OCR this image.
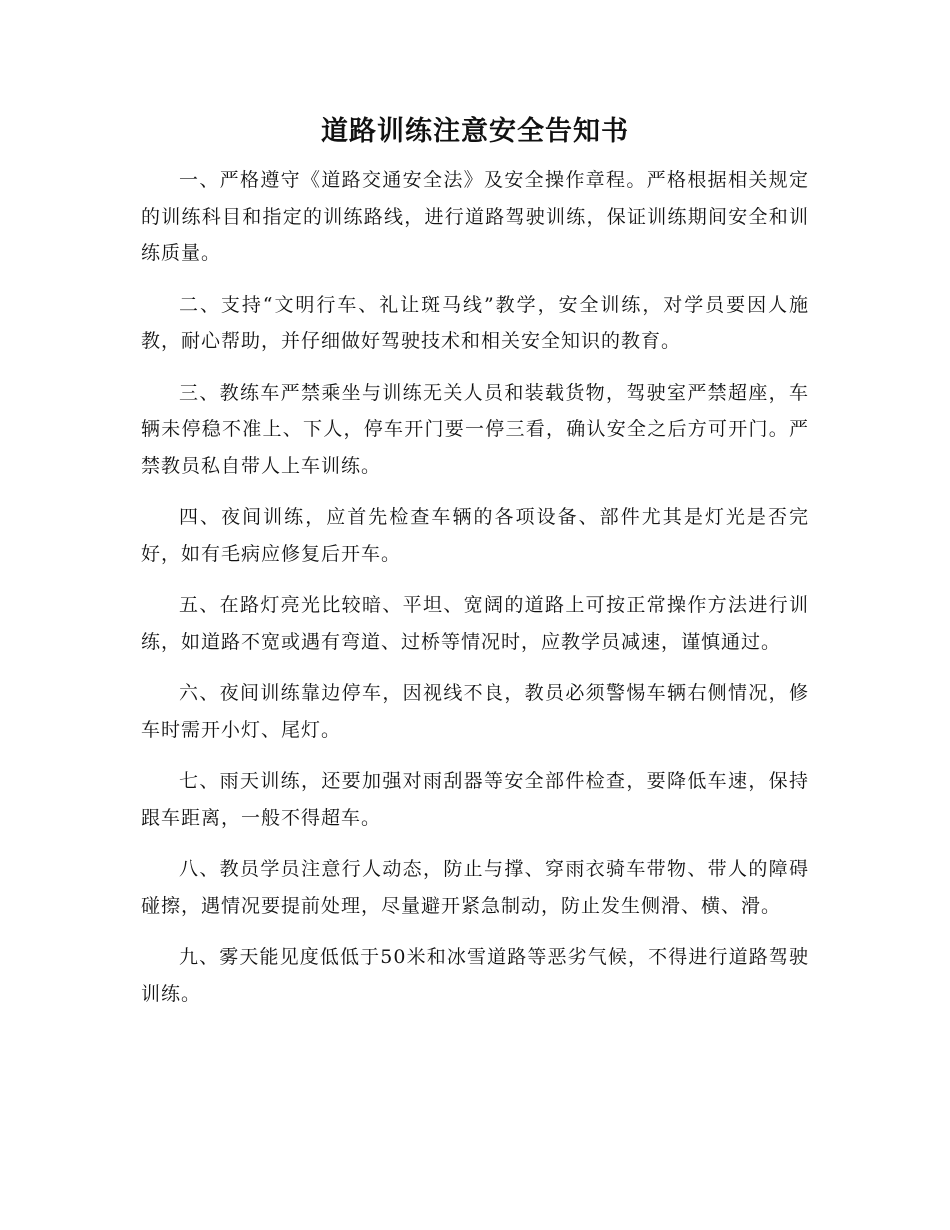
道路训练注意安全告知书

一、严格遵守《道路交通安全法》及安全操作章程。严格根据相关规定的训练科目和指定的训练路线，进行道路驾驶训练，保证训练期间安全和训练质量。

二、支持“文明行车、礼让斑马线”教学，安全训练，对学员要因人施教，耐心帮助，并仔细做好驾驶技术和相关安全知识的教育。

三、教练车严禁乘坐与训练无关人员和装载货物，驾驶室严禁超座，车辆未停稳不准上、下人，停车开门要一停三看，确认安全之后方可开门。严禁教员私自带人上车训练。

四、夜间训练，应首先检查车辆的各项设备、部件尤其是灯光是否完好，如有毛病应修复后开车。

五、在路灯亮光比较暗、平坦、宽阔的道路上可按正常操作方法进行训练，如道路不宽或遇有弯道、过桥等情况时，应教学员减速，谨慎通过。

六、夜间训练靠边停车，因视线不良，教员必须警惕车辆右侧情况，修车时需开小灯、尾灯。

七、雨天训练，还要加强对雨刮器等安全部件检查，要降低车速，保持跟车距离，一般不得超车。

八、教员学员注意行人动态，防止与撑、穿雨衣骑车带物、带人的障碍碰擦，遇情况要提前处理，尽量避开紧急制动，防止发生侧滑、横、滑。

九、雾天能见度低低于50米和冰雪道路等恶劣气候，不得进行道路驾驶训练。
